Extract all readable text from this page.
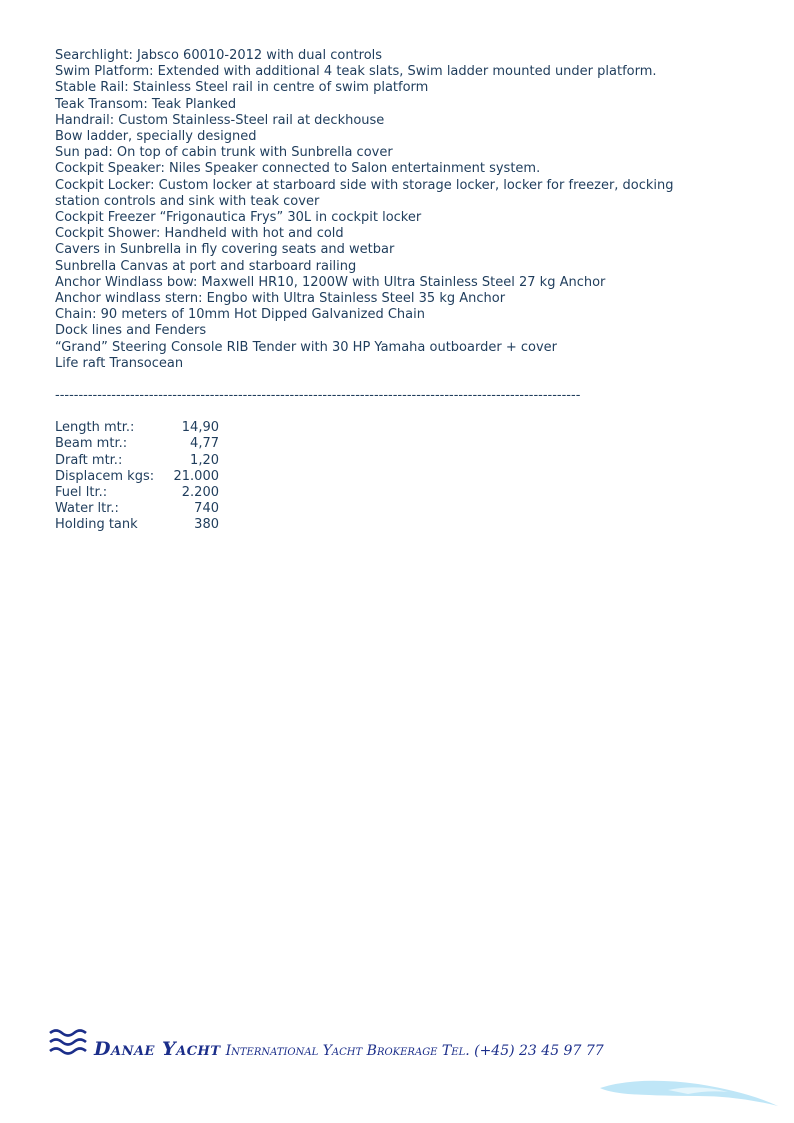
Searchlight: Jabsco 60010-2012 with dual controls
Swim Platform: Extended with additional 4 teak slats, Swim ladder mounted under platform.
Stable Rail: Stainless Steel rail in centre of swim platform
Teak Transom: Teak Planked
Handrail: Custom Stainless-Steel rail at deckhouse
Bow ladder, specially designed
Sun pad: On top of cabin trunk with Sunbrella cover
Cockpit Speaker: Niles Speaker connected to Salon entertainment system.
Cockpit Locker: Custom locker at starboard side with storage locker, locker for freezer, docking station controls and sink with teak cover
Cockpit Freezer “Frigonautica Frys” 30L in cockpit locker
Cockpit Shower: Handheld with hot and cold
Cavers in Sunbrella in fly covering seats and wetbar
Sunbrella Canvas at port and starboard railing
Anchor Windlass bow: Maxwell HR10, 1200W with Ultra Stainless Steel 27 kg Anchor
Anchor windlass stern: Engbo with Ultra Stainless Steel 35 kg Anchor
Chain: 90 meters of 10mm Hot Dipped Galvanized Chain
Dock lines and Fenders
“Grand” Steering Console RIB Tender with 30 HP Yamaha outboarder + cover
Life raft Transocean
----------------------------------------------------------------------------------------------------------------
Length mtr.:	14,90
Beam mtr.:	4,77
Draft mtr.:	1,20
Displacem kgs:	21.000
Fuel ltr.:	2.200
Water ltr.:	740
Holding tank	380
Danae Yacht International Yacht Brokerage Tel. (+45) 23 45 97 77
